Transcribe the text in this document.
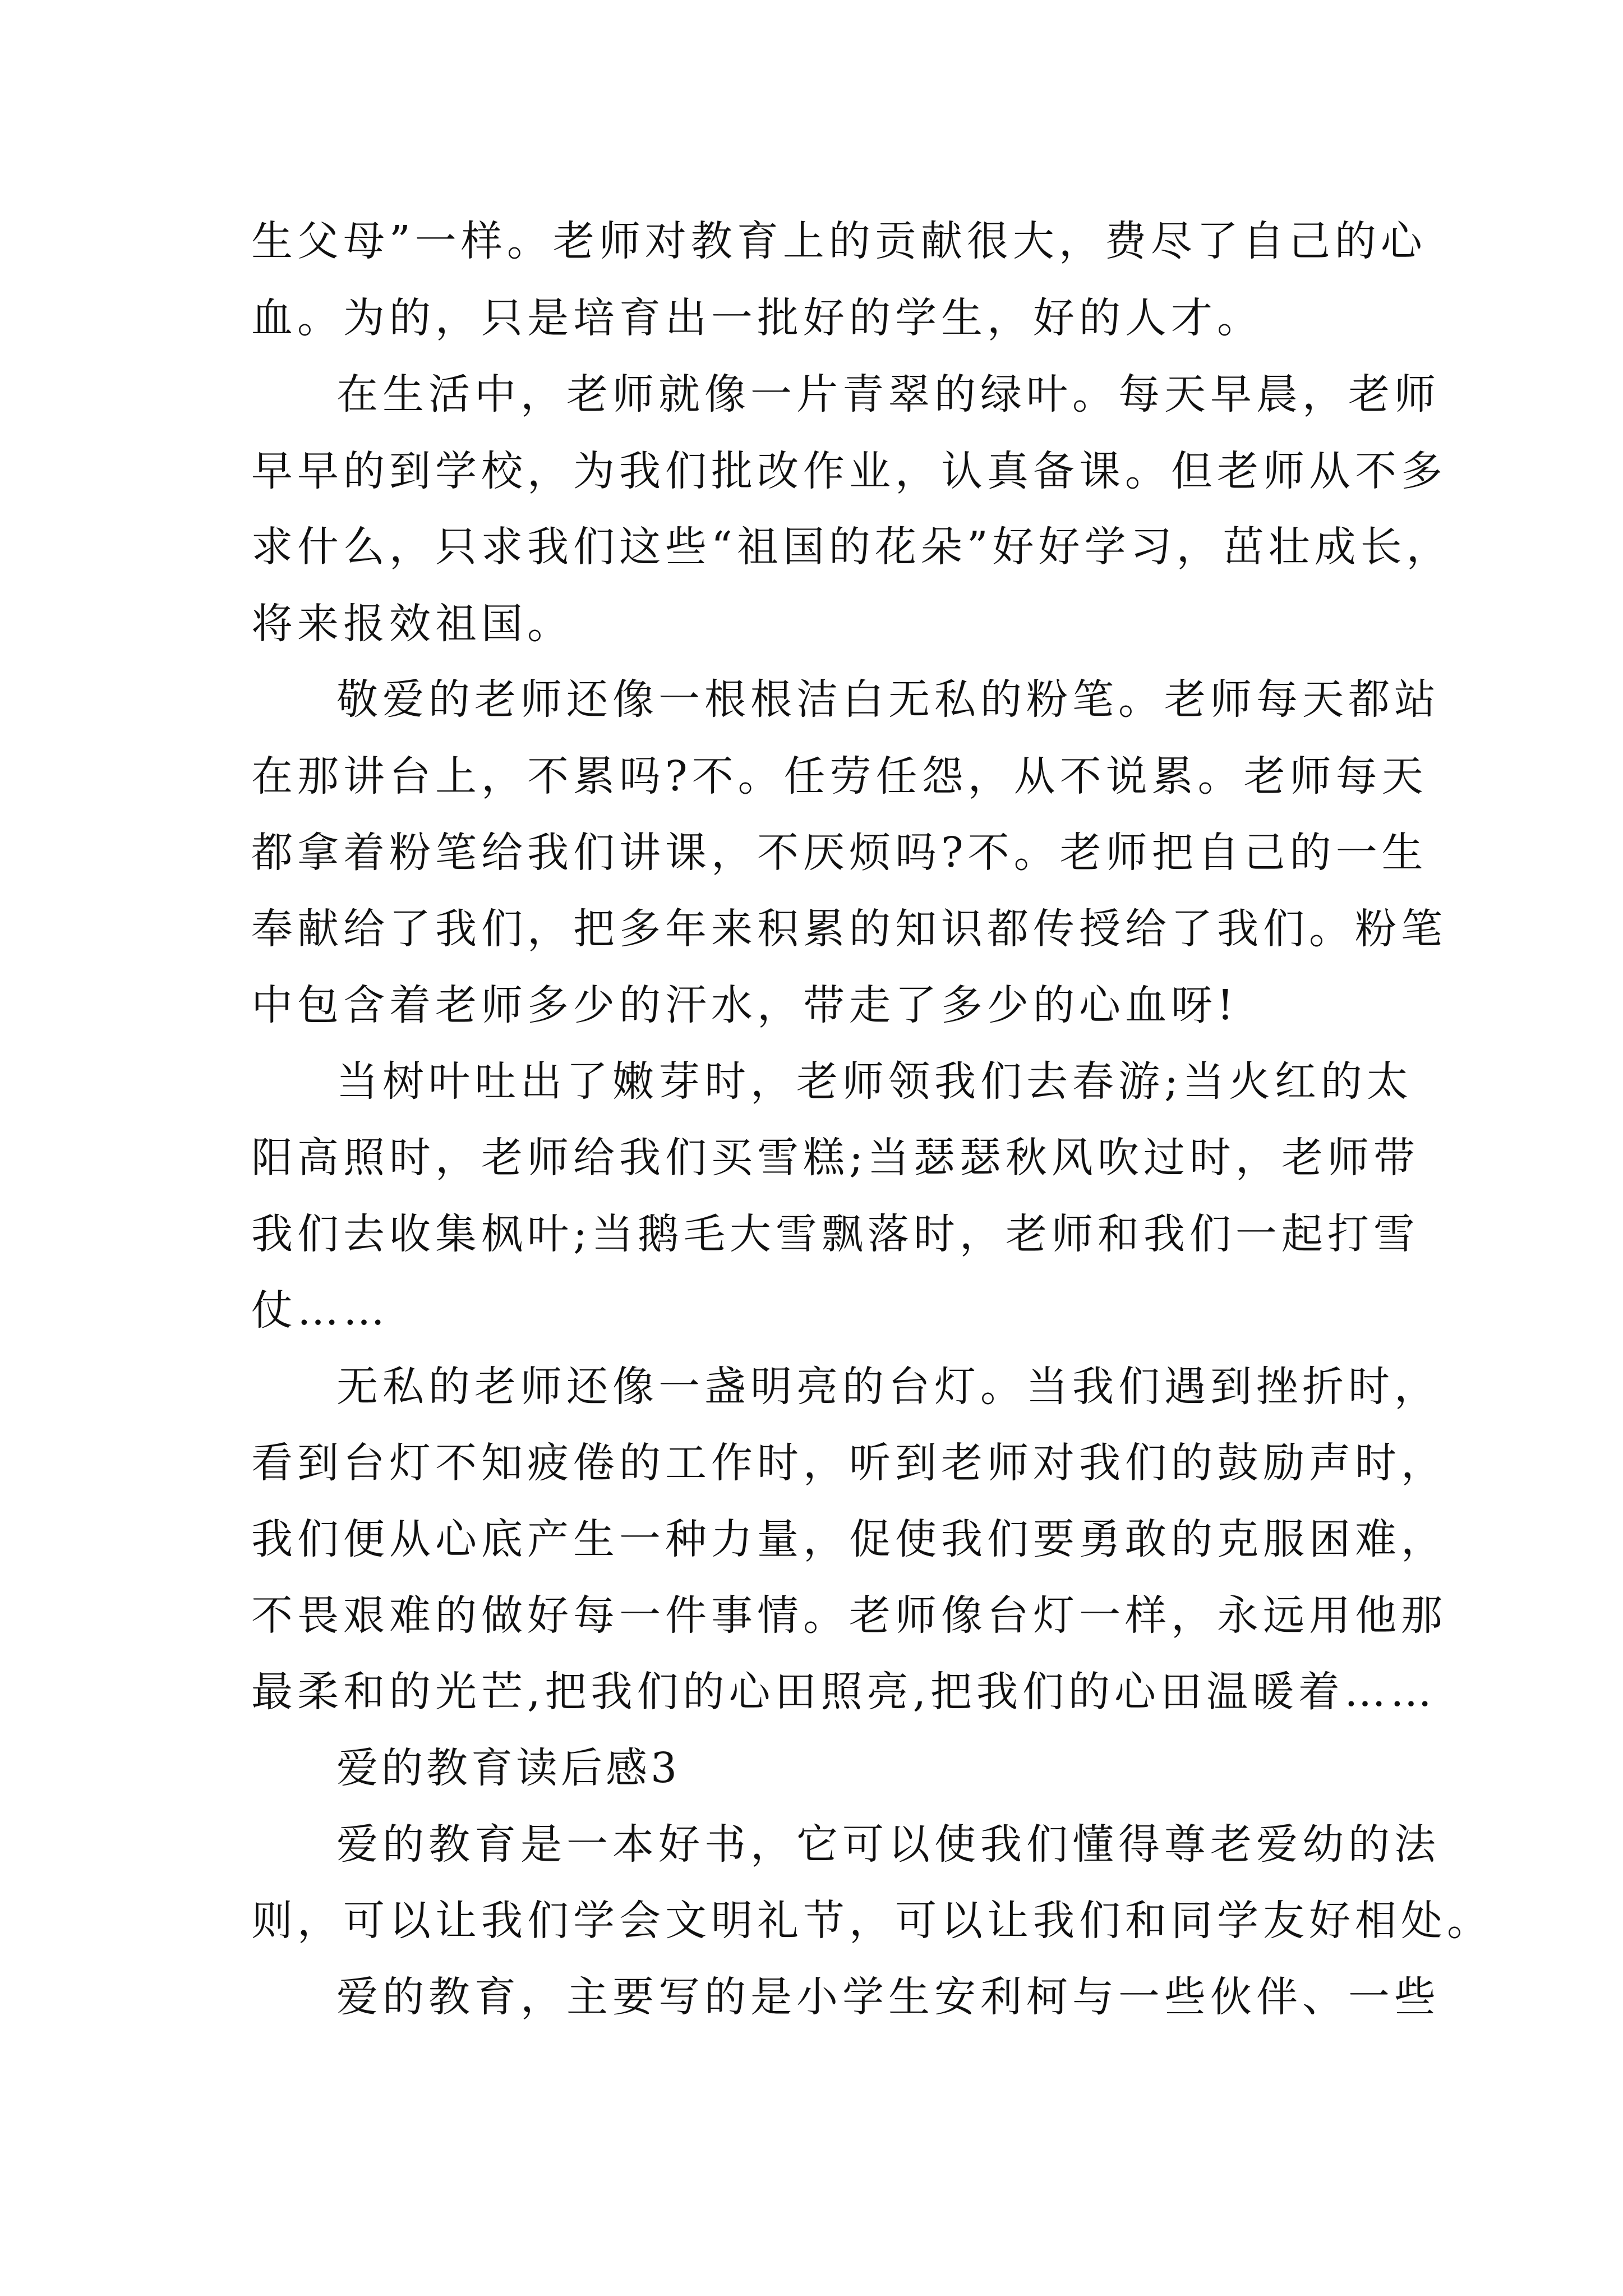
生父母”一样。老师对教育上的贡献很大，费尽了自己的心
血。为的，只是培育出一批好的学生，好的人才。
在生活中，老师就像一片青翠的绿叶。每天早晨，老师
早早的到学校，为我们批改作业，认真备课。但老师从不多
求什么，只求我们这些“祖国的花朵”好好学习，茁壮成长，
将来报效祖国。
敬爱的老师还像一根根洁白无私的粉笔。老师每天都站
在那讲台上，不累吗?不。任劳任怨，从不说累。老师每天
都拿着粉笔给我们讲课，不厌烦吗?不。老师把自己的一生
奉献给了我们，把多年来积累的知识都传授给了我们。粉笔
中包含着老师多少的汗水，带走了多少的心血呀!
当树叶吐出了嫩芽时，老师领我们去春游;当火红的太
阳高照时，老师给我们买雪糕;当瑟瑟秋风吹过时，老师带
我们去收集枫叶;当鹅毛大雪飘落时，老师和我们一起打雪
仗……
无私的老师还像一盏明亮的台灯。当我们遇到挫折时，
看到台灯不知疲倦的工作时，听到老师对我们的鼓励声时，
我们便从心底产生一种力量，促使我们要勇敢的克服困难，
不畏艰难的做好每一件事情。老师像台灯一样，永远用他那
最柔和的光芒,把我们的心田照亮,把我们的心田温暖着……
爱的教育读后感3
爱的教育是一本好书，它可以使我们懂得尊老爱幼的法
则，可以让我们学会文明礼节，可以让我们和同学友好相处。
爱的教育，主要写的是小学生安利柯与一些伙伴、一些
